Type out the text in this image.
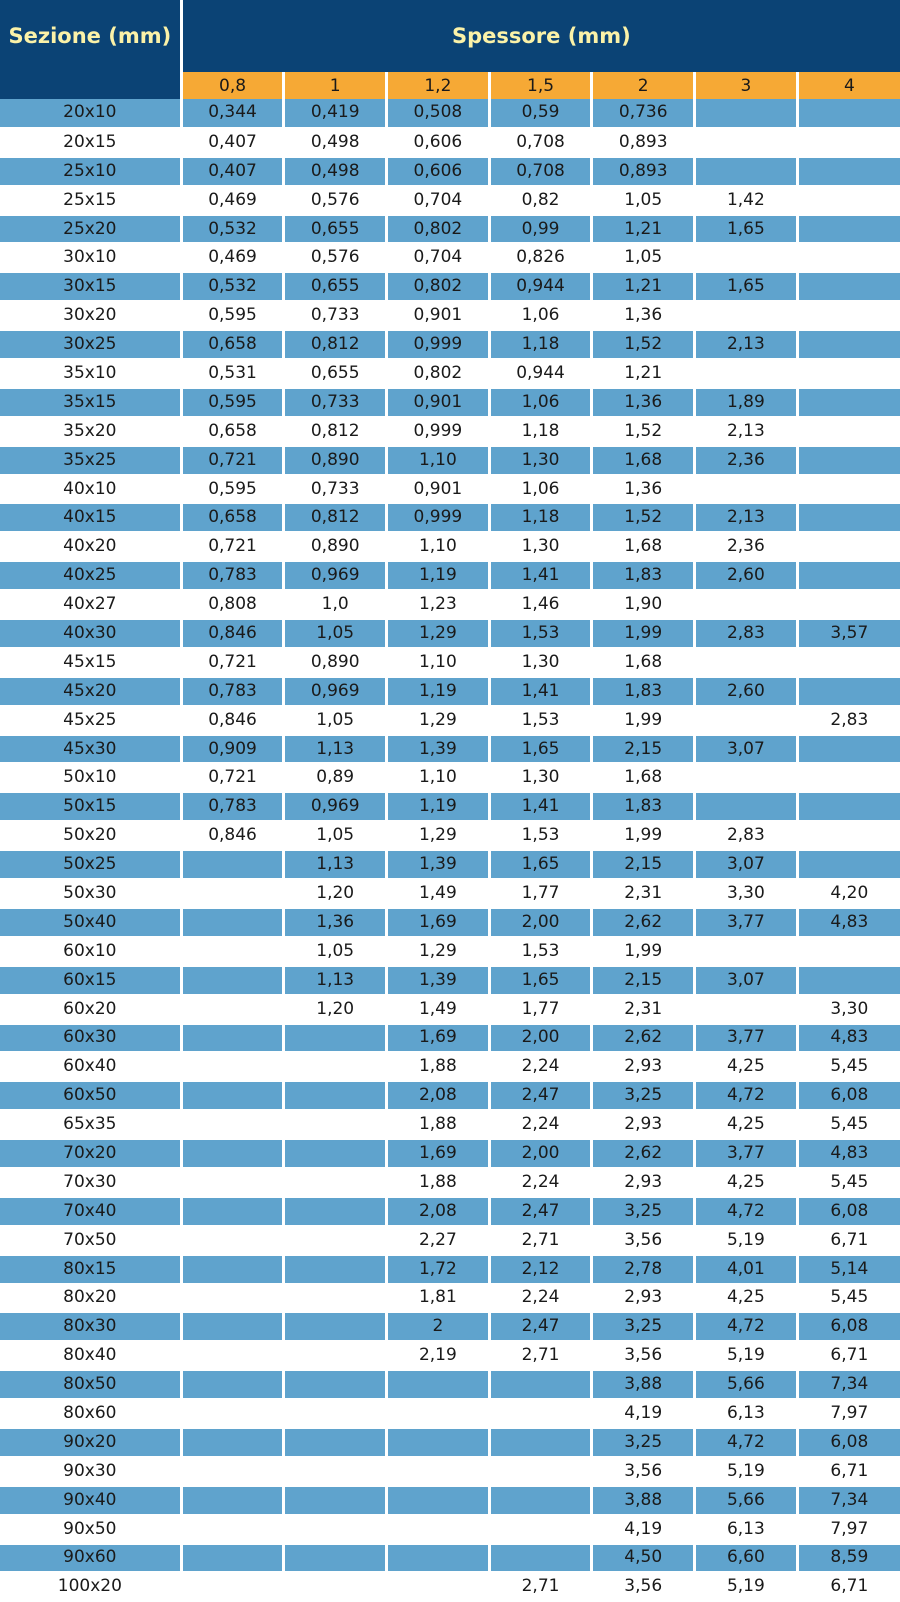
Sezione (mm)	Spessore (mm)						
	0,8	1	1,2	1,5	2	3	4
20x10	0,344	0,419	0,508	0,59	0,736		
20x15	0,407	0,498	0,606	0,708	0,893		
25x10	0,407	0,498	0,606	0,708	0,893		
25x15	0,469	0,576	0,704	0,82	1,05	1,42	
25x20	0,532	0,655	0,802	0,99	1,21	1,65	
30x10	0,469	0,576	0,704	0,826	1,05		
30x15	0,532	0,655	0,802	0,944	1,21	1,65	
30x20	0,595	0,733	0,901	1,06	1,36		
30x25	0,658	0,812	0,999	1,18	1,52	2,13	
35x10	0,531	0,655	0,802	0,944	1,21		
35x15	0,595	0,733	0,901	1,06	1,36	1,89	
35x20	0,658	0,812	0,999	1,18	1,52	2,13	
35x25	0,721	0,890	1,10	1,30	1,68	2,36	
40x10	0,595	0,733	0,901	1,06	1,36		
40x15	0,658	0,812	0,999	1,18	1,52	2,13	
40x20	0,721	0,890	1,10	1,30	1,68	2,36	
40x25	0,783	0,969	1,19	1,41	1,83	2,60	
40x27	0,808	1,0	1,23	1,46	1,90		
40x30	0,846	1,05	1,29	1,53	1,99	2,83	3,57
45x15	0,721	0,890	1,10	1,30	1,68		
45x20	0,783	0,969	1,19	1,41	1,83	2,60	
45x25	0,846	1,05	1,29	1,53	1,99		2,83
45x30	0,909	1,13	1,39	1,65	2,15	3,07	
50x10	0,721	0,89	1,10	1,30	1,68		
50x15	0,783	0,969	1,19	1,41	1,83		
50x20	0,846	1,05	1,29	1,53	1,99	2,83	
50x25		1,13	1,39	1,65	2,15	3,07	
50x30		1,20	1,49	1,77	2,31	3,30	4,20
50x40		1,36	1,69	2,00	2,62	3,77	4,83
60x10		1,05	1,29	1,53	1,99		
60x15		1,13	1,39	1,65	2,15	3,07	
60x20		1,20	1,49	1,77	2,31		3,30
60x30			1,69	2,00	2,62	3,77	4,83
60x40			1,88	2,24	2,93	4,25	5,45
60x50			2,08	2,47	3,25	4,72	6,08
65x35			1,88	2,24	2,93	4,25	5,45
70x20			1,69	2,00	2,62	3,77	4,83
70x30			1,88	2,24	2,93	4,25	5,45
70x40			2,08	2,47	3,25	4,72	6,08
70x50			2,27	2,71	3,56	5,19	6,71
80x15			1,72	2,12	2,78	4,01	5,14
80x20			1,81	2,24	2,93	4,25	5,45
80x30			2	2,47	3,25	4,72	6,08
80x40			2,19	2,71	3,56	5,19	6,71
80x50					3,88	5,66	7,34
80x60					4,19	6,13	7,97
90x20					3,25	4,72	6,08
90x30					3,56	5,19	6,71
90x40					3,88	5,66	7,34
90x50					4,19	6,13	7,97
90x60					4,50	6,60	8,59
100x20				2,71	3,56	5,19	6,71
